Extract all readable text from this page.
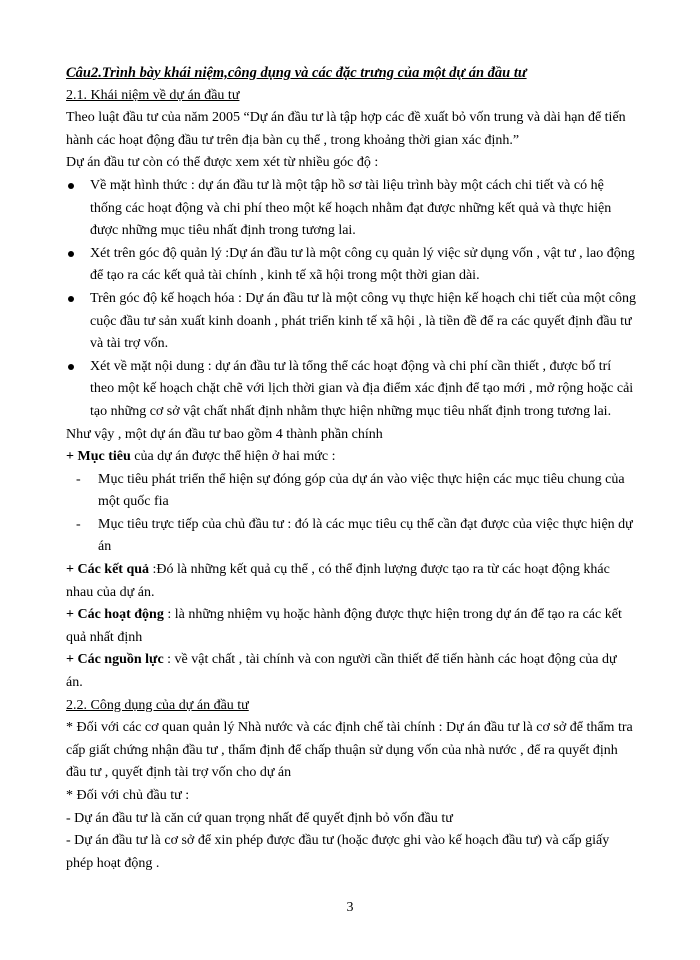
Câu2.Trình bày khái niệm,công dụng và các đặc trưng của một dự án đầu tư

2.1. Khái niệm về dự án đầu tư

Theo luật đầu tư của năm 2005 “Dự án đầu tư là tập hợp các đề xuất bỏ vốn trung và dài hạn để tiến hành các hoạt động đầu tư trên địa bàn cụ thể , trong khoảng thời gian xác định.”

Dự án đầu tư còn có thể được xem xét từ nhiều góc độ :

Về mặt hình thức : dự án đầu tư là một tập hồ sơ tài liệu trình bày một cách chi tiết và có hệ thống các hoạt động và chi phí theo một kế hoạch nhằm đạt được những kết quả và thực hiện được những mục tiêu nhất định trong tương lai.
Xét trên góc độ quản lý :Dự án đầu tư là một công cụ quản lý việc sử dụng vốn , vật tư , lao động để tạo ra các kết quả tài chính , kinh tế xã hội trong một thời gian dài.
Trên góc độ kế hoạch hóa : Dự án đầu tư là một công vụ thực hiện kế hoạch chi tiết của một công cuộc đầu tư sản xuất kinh doanh , phát triển kinh tế xã hội , là tiền đề để ra các quyết định đầu tư và tài trợ vốn.
Xét về mặt nội dung : dự án đầu tư là tổng thể các hoạt động và chi phí cần thiết , được bố trí theo một kế hoạch chặt chẽ với lịch thời gian và địa điểm xác định để tạo mới , mở rộng hoặc cải tạo những cơ sở vật chất nhất định nhằm thực hiện những mục tiêu nhất định trong tương lai.

Như vậy , một dự án đầu tư bao gồm 4 thành phần chính

+ Mục tiêu của dự án được thể hiện ở hai mức :

- Mục tiêu phát triển thể hiện sự đóng góp của dự án vào việc thực hiện các mục tiêu chung của một quốc fia
- Mục tiêu trực tiếp của chủ đầu tư : đó là các mục tiêu cụ thể cần đạt được của việc thực hiện dự án

+ Các kết quả :Đó là những kết quả cụ thể , có thể định lượng được tạo ra từ các hoạt động khác nhau của dự án.

+ Các hoạt động : là những nhiệm vụ hoặc hành động được thực hiện trong dự án để tạo ra các kết quả nhất định

+ Các nguồn lực : về vật chất , tài chính và con người cần thiết để tiến hành các hoạt động của dự án.

2.2. Công dụng của dự án đầu tư

* Đối với các cơ quan quản lý Nhà nước và các định chế tài chính : Dự án đầu tư là cơ sở để thẩm tra cấp giất chứng nhận đầu tư , thẩm định để chấp thuận sử dụng vốn của nhà nước , để ra quyết định đầu tư , quyết định tài trợ vốn cho dự án

* Đối với chủ đầu tư :

- Dự án đầu tư là căn cứ quan trọng nhất để quyết định bỏ vốn đầu tư

- Dự án đầu tư là cơ sở để xin phép được đầu tư (hoặc được ghi vào kế hoạch đầu tư) và cấp giấy phép hoạt động .

3
